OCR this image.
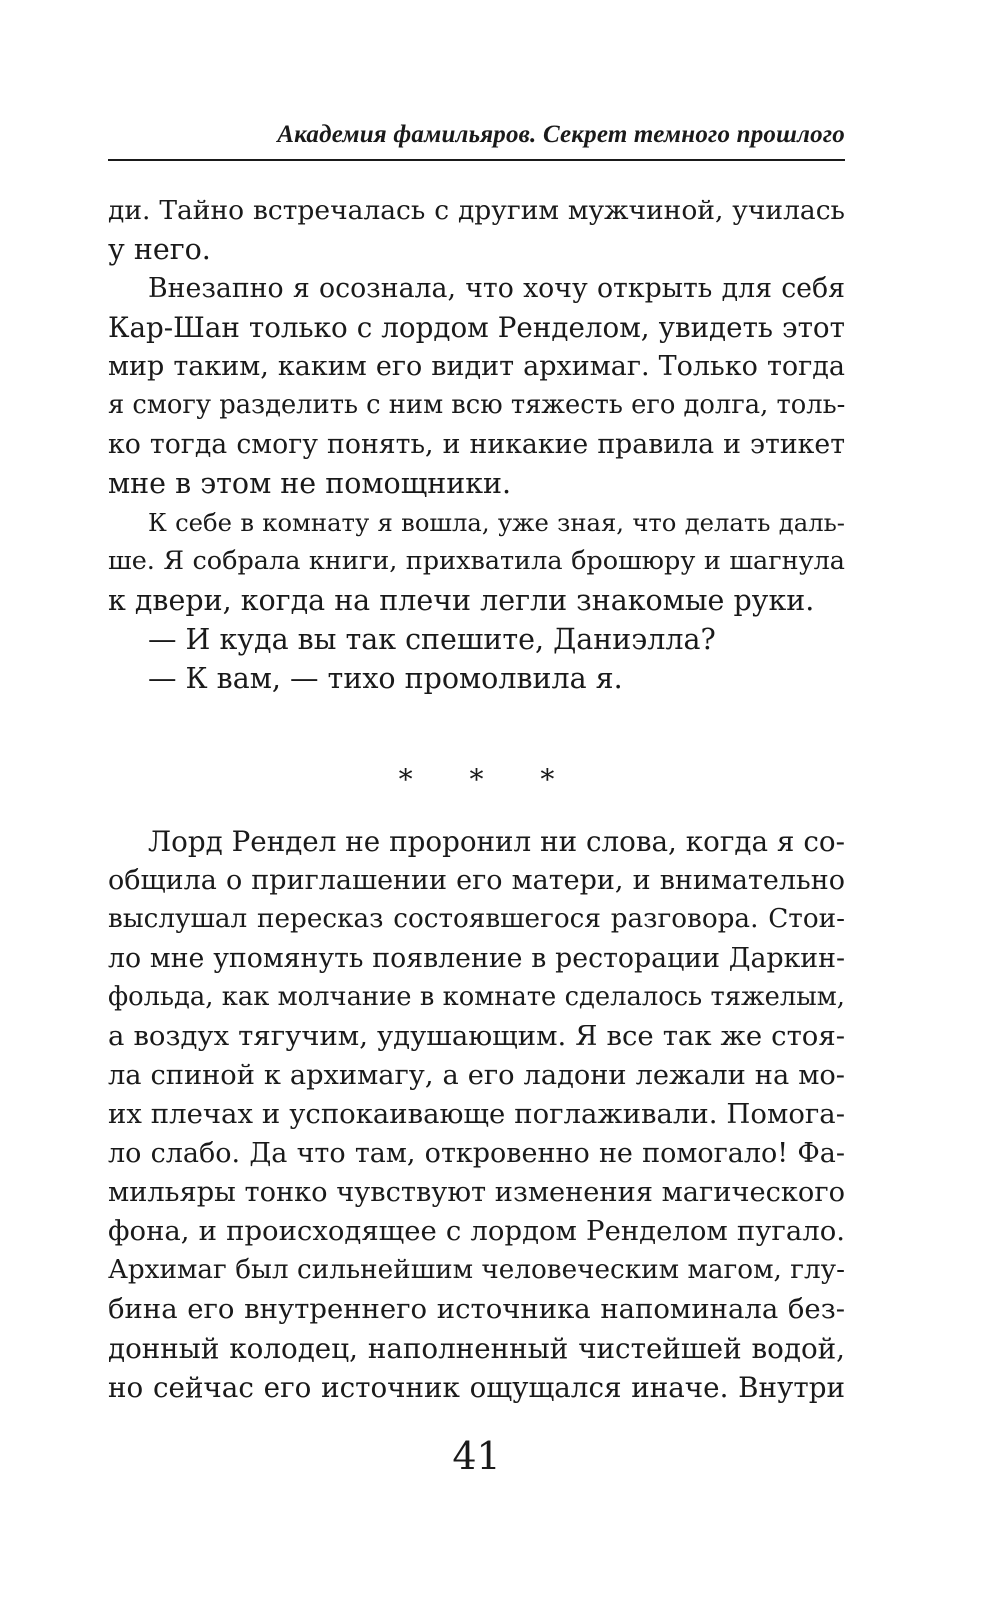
Академия фамильяров. Секрет темного прошлого
ди. Тайно встречалась с другим мужчиной, училась
у него.
Внезапно я осознала, что хочу открыть для себя
Кар-Шан только с лордом Ренделом, увидеть этот
мир таким, каким его видит архимаг. Только тогда
я смогу разделить с ним всю тяжесть его долга, толь-
ко тогда смогу понять, и никакие правила и этикет
мне в этом не помощники.
К себе в комнату я вошла, уже зная, что делать даль-
ше. Я собрала книги, прихватила брошюру и шагнула
к двери, когда на плечи легли знакомые руки.
— И куда вы так спешите, Даниэлла?
— К вам, — тихо промолвила я.
* * *
Лорд Рендел не проронил ни слова, когда я со-
общила о приглашении его матери, и внимательно
выслушал пересказ состоявшегося разговора. Стои-
ло мне упомянуть появление в ресторации Даркин-
фольда, как молчание в комнате сделалось тяжелым,
а воздух тягучим, удушающим. Я все так же стоя-
ла спиной к архимагу, а его ладони лежали на мо-
их плечах и успокаивающе поглаживали. Помога-
ло слабо. Да что там, откровенно не помогало! Фа-
мильяры тонко чувствуют изменения магического
фона, и происходящее с лордом Ренделом пугало.
Архимаг был сильнейшим человеческим магом, глу-
бина его внутреннего источника напоминала без-
донный колодец, наполненный чистейшей водой,
но сейчас его источник ощущался иначе. Внутри
41
